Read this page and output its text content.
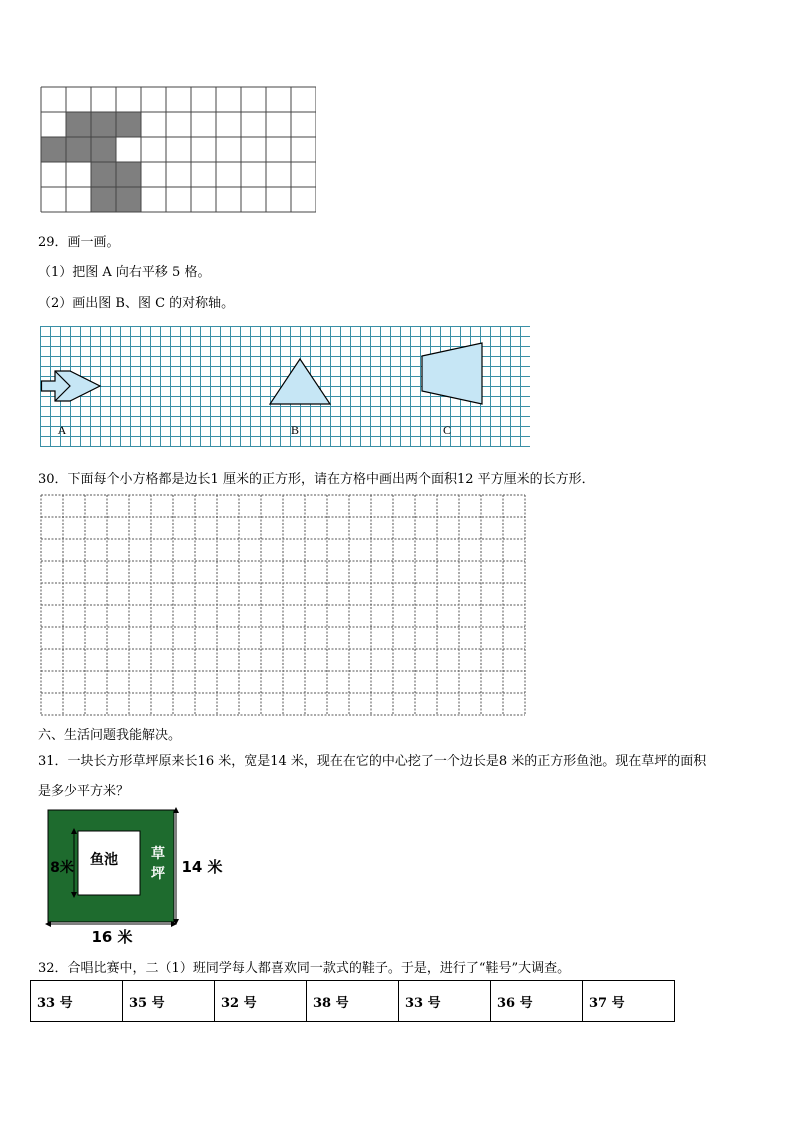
29．画一画。
（1）把图 A 向右平移 5 格。
（2）画出图 B、图 C 的对称轴。
A	B	C
30．下面每个小方格都是边长1 厘米的正方形，请在方格中画出两个面积12 平方厘米的长方形．
六、生活问题我能解决。
31．一块长方形草坪原来长16 米，宽是14 米，现在在它的中心挖了一个边长是8 米的正方形鱼池。现在草坪的面积
是多少平方米？
鱼池 草
坪
8米	14 米
16 米
32．合唱比赛中，二（1）班同学每人都喜欢同一款式的鞋子。于是，进行了“鞋号”大调查。
33 号	35 号	32 号	38 号	33 号	36 号	37 号
